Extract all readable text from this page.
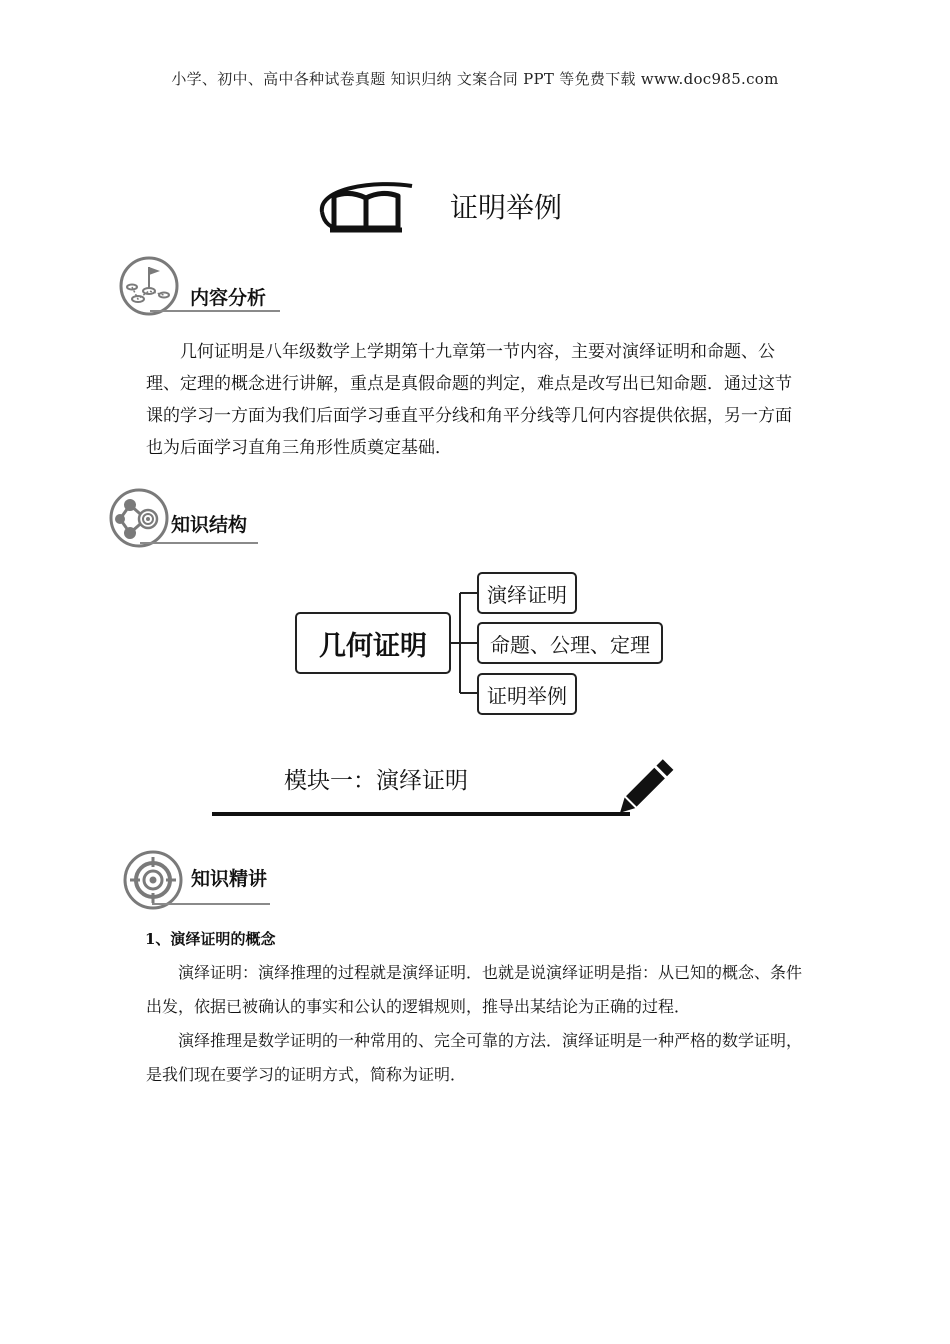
小学、初中、高中各种试卷真题 知识归纳 文案合同 PPT 等免费下载 www.doc985.com
证明举例
内容分析
几何证明是八年级数学上学期第十九章第一节内容，主要对演绎证明和命题、公理、定理的概念进行讲解，重点是真假命题的判定，难点是改写出已知命题．通过这节课的学习一方面为我们后面学习垂直平分线和角平分线等几何内容提供依据，另一方面也为后面学习直角三角形性质奠定基础．
知识结构
几何证明
演绎证明
命题、公理、定理
证明举例
模块一：演绎证明
知识精讲
1、演绎证明的概念
演绎证明：演绎推理的过程就是演绎证明．也就是说演绎证明是指：从已知的概念、条件出发，依据已被确认的事实和公认的逻辑规则，推导出某结论为正确的过程．
演绎推理是数学证明的一种常用的、完全可靠的方法．演绎证明是一种严格的数学证明，是我们现在要学习的证明方式，简称为证明．
